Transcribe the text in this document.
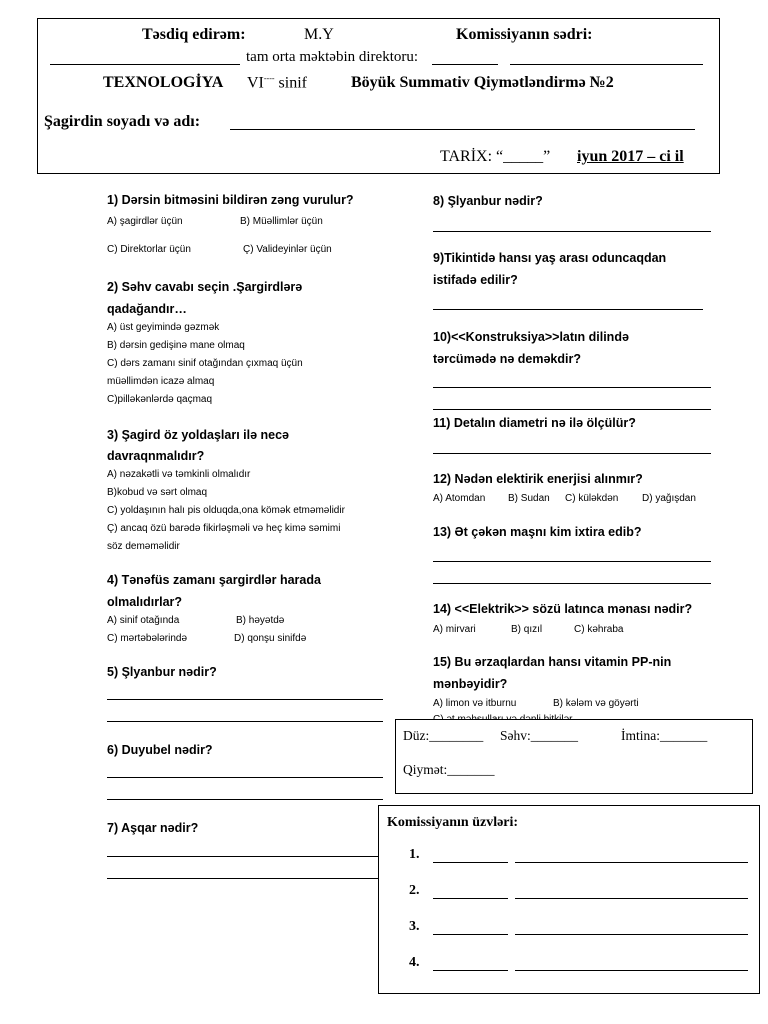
Təsdiq edirəm:	M.Y	Komissiyanın sədri:
tam orta məktəbin direktoru:
TEXNOLOGİYA VI---- sinif	Böyük Summativ Qiymətləndirmə №2
Şagirdin soyadı və adı:
TARİX: “_____” iyun 2017 – ci il
1) Dərsin bitməsini bildirən zəng vurulur?
A) şagirdlər üçün	B) Müəllimlər üçün
C) Direktorlar üçün	Ç) Valideyinlər üçün
2) Səhv cavabı seçin .Şargirdlərə
qadağandır…
A) üst geyimində gəzmək
B) dərsin gedişinə mane olmaq
C) dərs zamanı sinif otağından çıxmaq üçün
müəllimdən icazə almaq
C)pilləkənlərdə qaçmaq
3) Şagird öz yoldaşları ilə necə
davraqnmalıdır?
A) nəzakətli və təmkinli olmalıdır
B)kobud və sərt olmaq
C) yoldaşının halı pis olduqda,ona kömək etməməlidir
Ç) ancaq özü barədə fikirləşməli və heç kimə səmimi
söz deməməlidir
4) Tənəfüs zamanı şargirdlər harada
olmalıdırlar?
A) sinif otağında	B) həyətdə
C) mərtəbələrində	D) qonşu sinifdə
5) Şlyanbur nədir?
6) Duyubel nədir?
7) Aşqar nədir?
8) Şlyanbur nədir?
9)Tikintidə hansı yaş arası oduncaqdan
istifadə edilir?
10)<<Konstruksiya>>latın dilində
tərcümədə nə deməkdir?
11) Detalın diametri nə ilə ölçülür?
12) Nədən elektirik enerjisi alınmır?
A) Atomdan B) Sudan C) küləkdən D) yağışdan
13) Ət çəkən maşnı kim ixtira edib?
14) <<Elektrik>> sözü latınca mənası nədir?
A) mirvari	B) qızıl	C) kəhraba
15) Bu ərzaqlardan hansı vitamin PP-nin
mənbəyidir?
A) limon və itburnu	B) kələm və göyərti
Düz:________ Səhv:_______	İmtina:_______
Qiymət:_______
Komissiyanın üzvləri:
1.
2.
3.
4.
